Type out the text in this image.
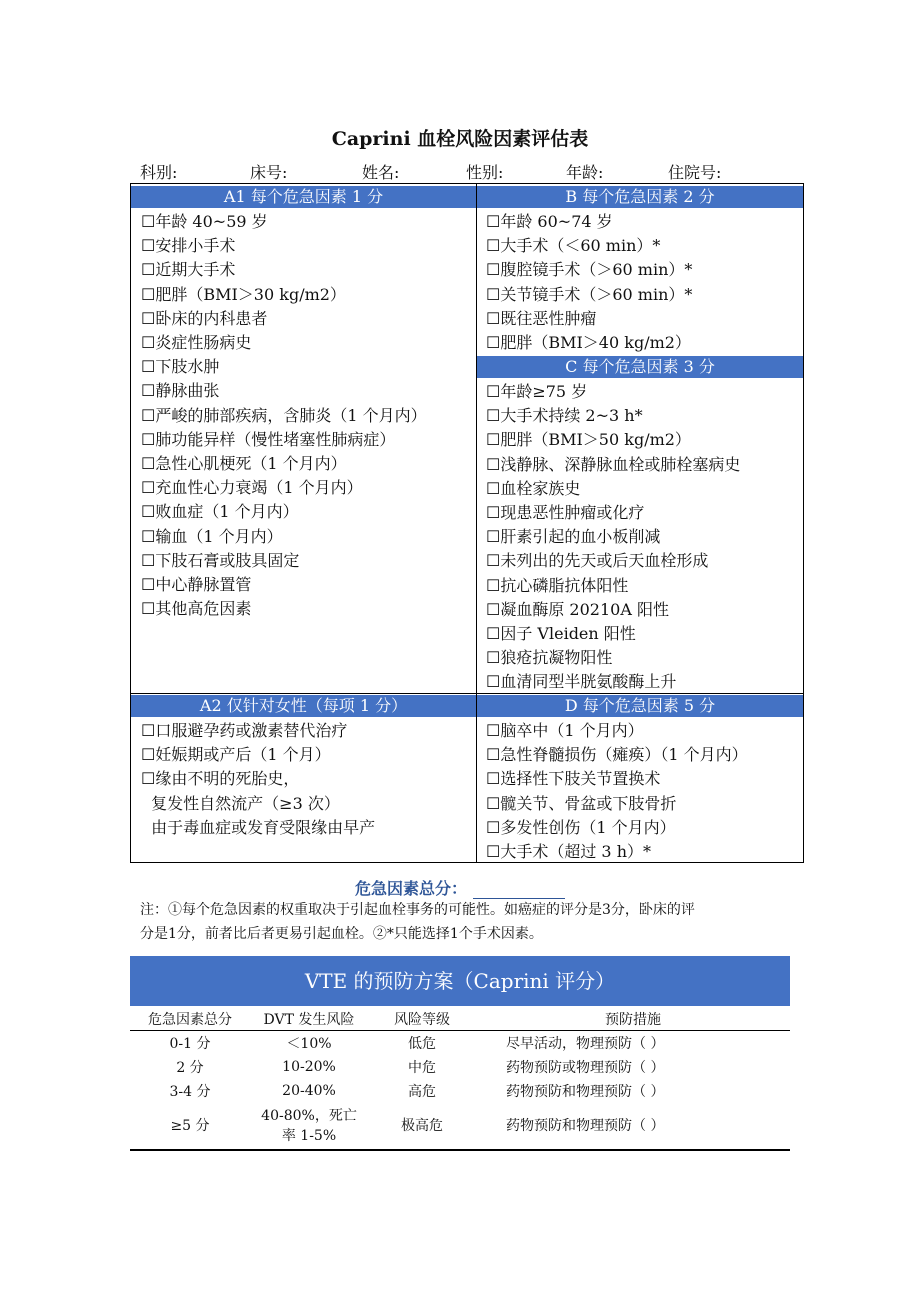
Caprini 血栓风险因素评估表
科别:	床号:	姓名:	性别:	年龄:	住院号:
A1 每个危急因素 1 分
☐年龄 40~59 岁
☐安排小手术
☐近期大手术
☐肥胖（BMI＞30 kg/m2）
☐卧床的内科患者
☐炎症性肠病史
☐下肢水肿
☐静脉曲张
☐严峻的肺部疾病，含肺炎（1 个月内）
☐肺功能异样（慢性堵塞性肺病症）
☐急性心肌梗死（1 个月内）
☐充血性心力衰竭（1 个月内）
☐败血症（1 个月内）
☐输血（1 个月内）
☐下肢石膏或肢具固定
☐中心静脉置管
☐其他高危因素
B 每个危急因素 2 分
☐年龄 60~74 岁
☐大手术（＜60 min）*
☐腹腔镜手术（＞60 min）*
☐关节镜手术（＞60 min）*
☐既往恶性肿瘤
☐肥胖（BMI＞40 kg/m2）
C 每个危急因素 3 分
☐年龄≥75 岁
☐大手术持续 2~3 h*
☐肥胖（BMI＞50 kg/m2）
☐浅静脉、深静脉血栓或肺栓塞病史
☐血栓家族史
☐现患恶性肿瘤或化疗
☐肝素引起的血小板削减
☐未列出的先天或后天血栓形成
☐抗心磷脂抗体阳性
☐凝血酶原 20210A 阳性
☐因子 Vleiden 阳性
☐狼疮抗凝物阳性
☐血清同型半胱氨酸酶上升
A2 仅针对女性（每项 1 分）
☐口服避孕药或激素替代治疗
☐妊娠期或产后（1 个月）
☐缘由不明的死胎史，
复发性自然流产（≥3 次）
由于毒血症或发育受限缘由早产
D 每个危急因素 5 分
☐脑卒中（1 个月内）
☐急性脊髓损伤（瘫痪）（1 个月内）
☐选择性下肢关节置换术
☐髋关节、骨盆或下肢骨折
☐多发性创伤（1 个月内）
☐大手术（超过 3 h）*
危急因素总分：
注：①每个危急因素的权重取决于引起血栓事务的可能性。如癌症的评分是3分，卧床的评
分是1分，前者比后者更易引起血栓。②*只能选择1个手术因素。
VTE 的预防方案（Caprini 评分）
危急因素总分	DVT 发生风险	风险等级	预防措施
0-1 分	＜10%	低危	尽早活动，物理预防（ ）
2 分	10-20%	中危	药物预防或物理预防（ ）
3-4 分	20-40%	高危	药物预防和物理预防（ ）
≥5 分	40-80%，死亡
率 1-5%	极高危	药物预防和物理预防（ ）
